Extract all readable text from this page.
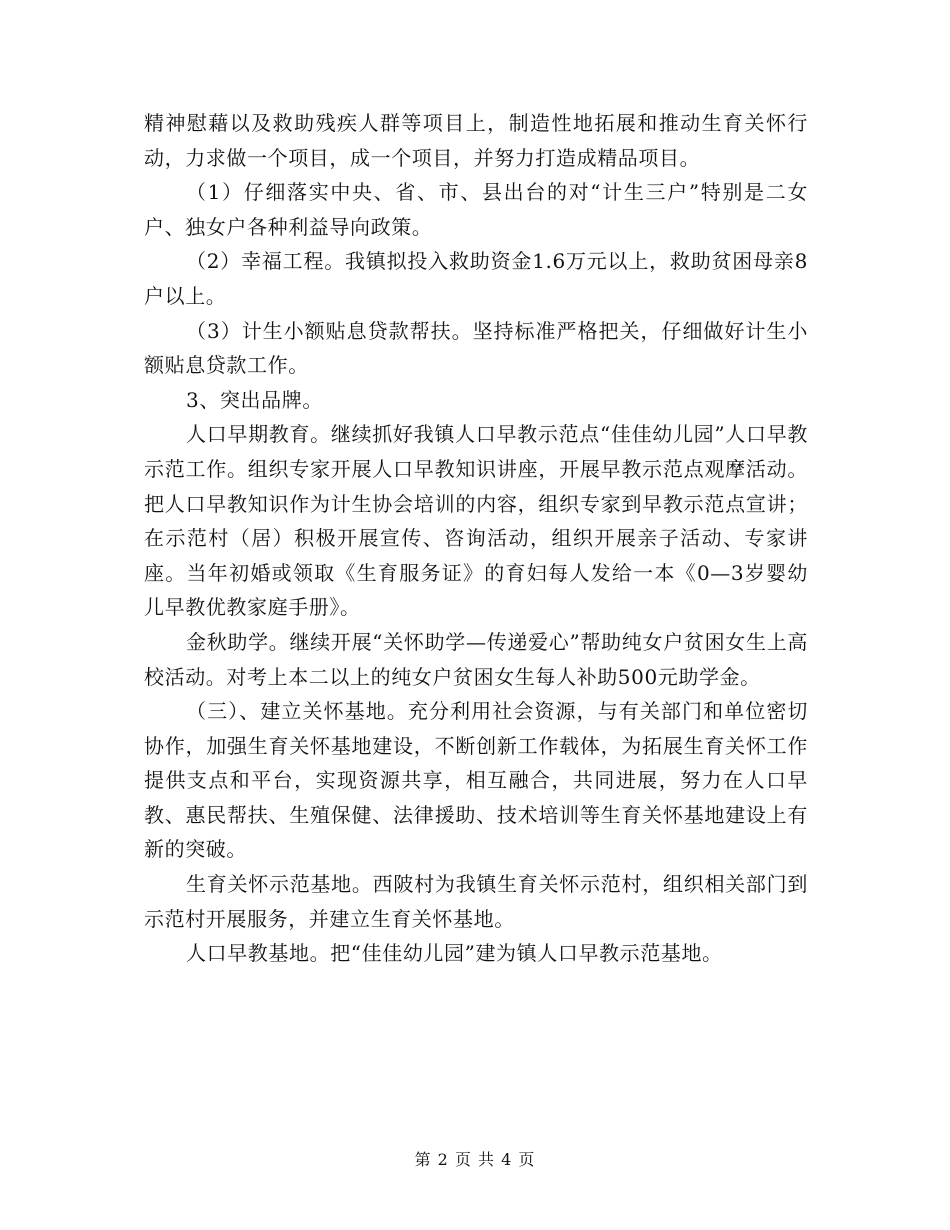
精神慰藉以及救助残疾人群等项目上，制造性地拓展和推动生育关怀行动，力求做一个项目，成一个项目，并努力打造成精品项目。

（1）仔细落实中央、省、市、县出台的对“计生三户”特别是二女户、独女户各种利益导向政策。

（2）幸福工程。我镇拟投入救助资金1.6万元以上，救助贫困母亲8户以上。

（3）计生小额贴息贷款帮扶。坚持标准严格把关，仔细做好计生小额贴息贷款工作。

3、突出品牌。

人口早期教育。继续抓好我镇人口早教示范点“佳佳幼儿园”人口早教示范工作。组织专家开展人口早教知识讲座，开展早教示范点观摩活动。把人口早教知识作为计生协会培训的内容，组织专家到早教示范点宣讲；在示范村（居）积极开展宣传、咨询活动，组织开展亲子活动、专家讲座。当年初婚或领取《生育服务证》的育妇每人发给一本《0—3岁婴幼儿早教优教家庭手册》。

金秋助学。继续开展“关怀助学—传递爱心”帮助纯女户贫困女生上高校活动。对考上本二以上的纯女户贫困女生每人补助500元助学金。

（三）、建立关怀基地。充分利用社会资源，与有关部门和单位密切协作，加强生育关怀基地建设，不断创新工作载体，为拓展生育关怀工作提供支点和平台，实现资源共享，相互融合，共同进展，努力在人口早教、惠民帮扶、生殖保健、法律援助、技术培训等生育关怀基地建设上有新的突破。

生育关怀示范基地。西陂村为我镇生育关怀示范村，组织相关部门到示范村开展服务，并建立生育关怀基地。

人口早教基地。把“佳佳幼儿园”建为镇人口早教示范基地。

第 2 页 共 4 页
